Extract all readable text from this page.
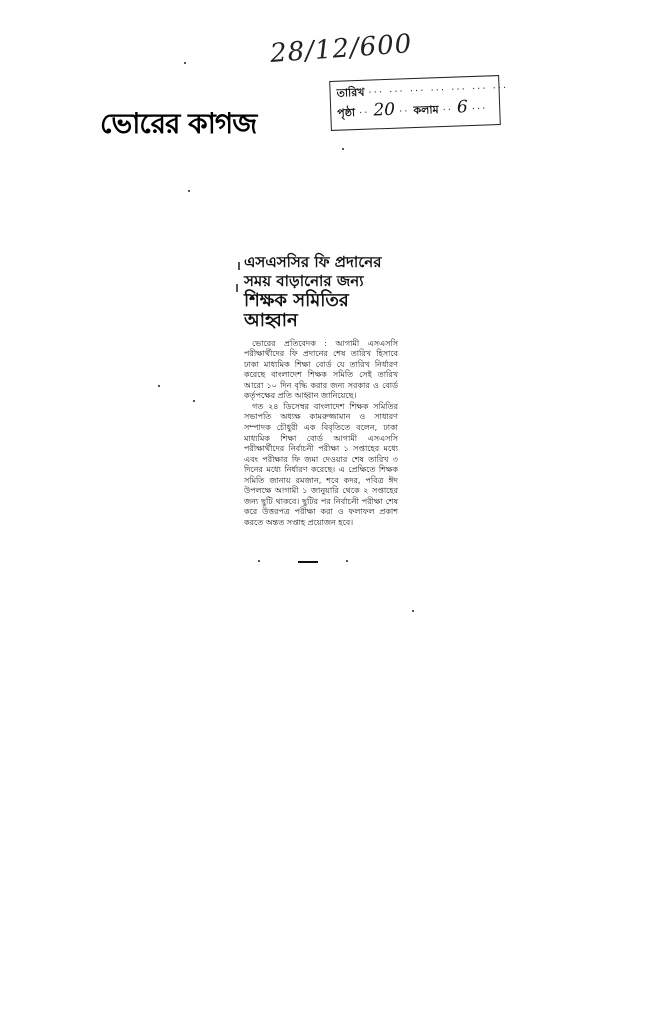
28/12/600
তারিখ ··· ··· ··· ··· ··· ··· ···
পৃষ্ঠা ·· 20 ·· কলাম ·· 6 ···
ভোরের কাগজ
এসএসসির ফি প্রদানের
সময় বাড়ানোর জন্য
শিক্ষক সমিতির আহ্বান

ভোরের প্রতিবেদক : আগামী এসএসসি পরীক্ষার্থীদের ফি প্রদানের শেষ তারিখ হিসাবে ঢাকা মাধ্যমিক শিক্ষা বোর্ড যে তারিখ নির্ধারণ করেছে বাংলাদেশ শিক্ষক সমিতি সেই তারিখ আরো ১০ দিন বৃদ্ধি করার জন্য সরকার ও বোর্ড কর্তৃপক্ষের প্রতি আহ্বান জানিয়েছে।

গত ২৪ ডিসেম্বর বাংলাদেশ শিক্ষক সমিতির সভাপতি অধ্যক্ষ কামরুজ্জামান ও সাধারণ সম্পাদক চৌধুরী এক বিবৃতিতে বলেন, ঢাকা মাধ্যমিক শিক্ষা বোর্ড আগামী এসএসসি পরীক্ষার্থীদের নির্বাচনী পরীক্ষা ১ সপ্তাহের মধ্যে এবং পরীক্ষার ফি জমা দেওয়ার শেষ তারিখ ৩ দিনের মধ্যে নির্ধারণ করেছে। এ প্রেক্ষিতে শিক্ষক সমিতি জানায় রমজান, শবে কদর, পবিত্র ঈদ উপলক্ষে আগামী ১ জানুয়ারি থেকে ২ সপ্তাহের জন্য ছুটি থাকবে। ছুটির পর নির্বাচনী পরীক্ষা শেষ করে উত্তরপত্র পরীক্ষা করা ও ফলাফল প্রকাশ করতে অন্তত সপ্তাহ প্রয়োজন হবে।
